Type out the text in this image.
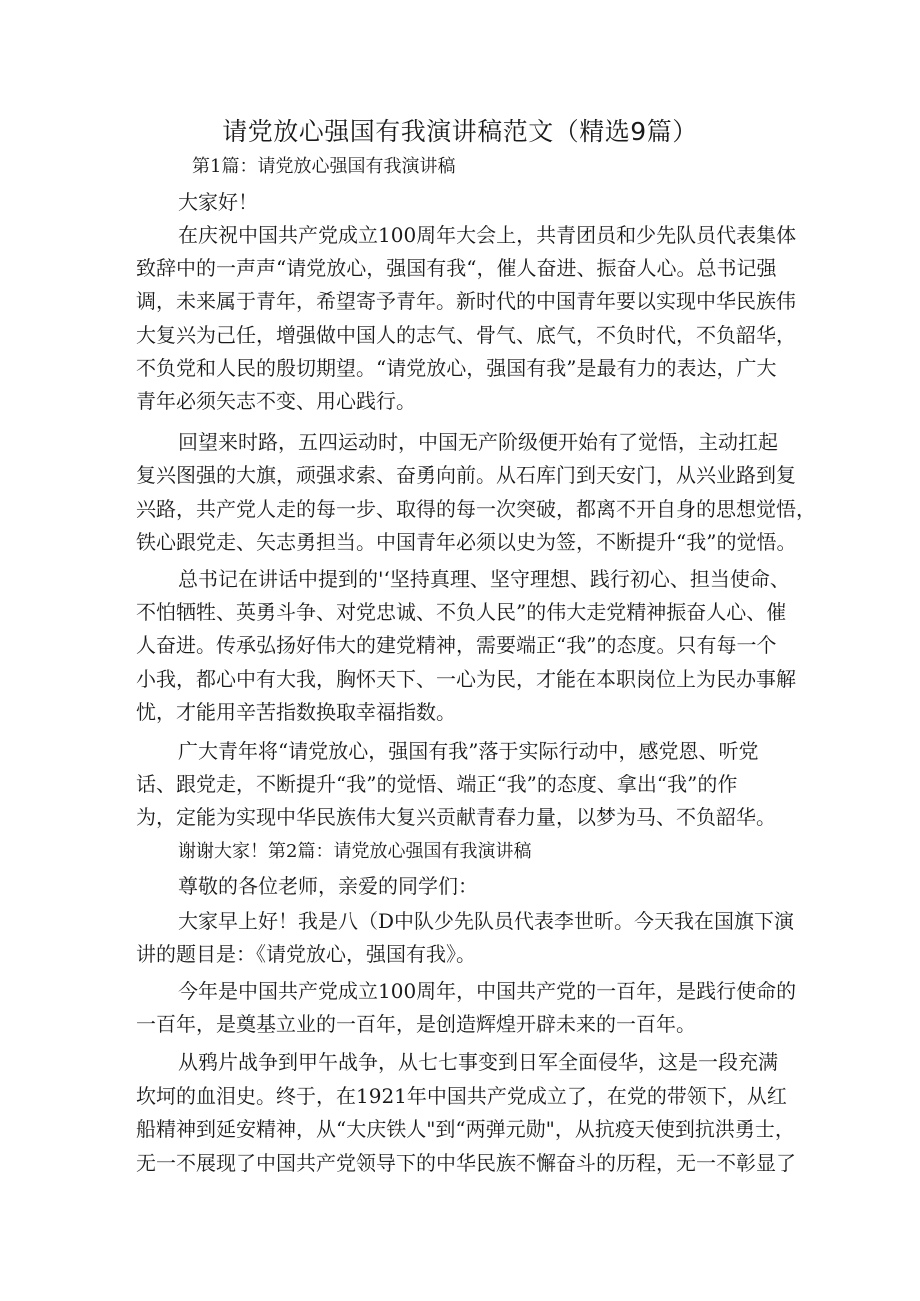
请党放心强国有我演讲稿范文（精选9篇）
第1篇：请党放心强国有我演讲稿
大家好！
在庆祝中国共产党成立100周年大会上，共青团员和少先队员代表集体
致辞中的一声声“请党放心，强国有我“，催人奋进、振奋人心。总书记强
调，未来属于青年，希望寄予青年。新时代的中国青年要以实现中华民族伟
大复兴为己任，增强做中国人的志气、骨气、底气，不负时代，不负韶华，
不负党和人民的殷切期望。“请党放心，强国有我”是最有力的表达，广大
青年必须矢志不变、用心践行。
回望来时路，五四运动时，中国无产阶级便开始有了觉悟，主动扛起
复兴图强的大旗，顽强求索、奋勇向前。从石库门到天安门，从兴业路到复
兴路，共产党人走的每一步、取得的每一次突破，都离不开自身的思想觉悟，
铁心跟党走、矢志勇担当。中国青年必须以史为签，不断提升“我”的觉悟。
总书记在讲话中提到的'‘坚持真理、坚守理想、践行初心、担当使命、
不怕牺牲、英勇斗争、对党忠诚、不负人民”的伟大走党精神振奋人心、催
人奋进。传承弘扬好伟大的建党精神，需要端正“我”的态度。只有每一个
小我，都心中有大我，胸怀天下、一心为民，才能在本职岗位上为民办事解
忧，才能用辛苦指数换取幸福指数。
广大青年将“请党放心，强国有我”落于实际行动中，感党恩、听党
话、跟党走，不断提升“我”的觉悟、端正“我”的态度、拿出“我”的作
为，定能为实现中华民族伟大复兴贡献青春力量，以梦为马、不负韶华。
谢谢大家！第2篇：请党放心强国有我演讲稿
尊敬的各位老师，亲爱的同学们：
大家早上好！我是八（D中队少先队员代表李世昕。今天我在国旗下演
讲的题目是：《请党放心，强国有我》。
今年是中国共产党成立100周年，中国共产党的一百年，是践行使命的
一百年，是奠基立业的一百年，是创造辉煌开辟未来的一百年。
从鸦片战争到甲午战争，从七七事变到日军全面侵华，这是一段充满
坎坷的血泪史。终于，在1921年中国共产党成立了，在党的带领下，从红
船精神到延安精神，从“大庆铁人"到“两弹元勋"，从抗疫天使到抗洪勇士，
无一不展现了中国共产党领导下的中华民族不懈奋斗的历程，无一不彰显了
